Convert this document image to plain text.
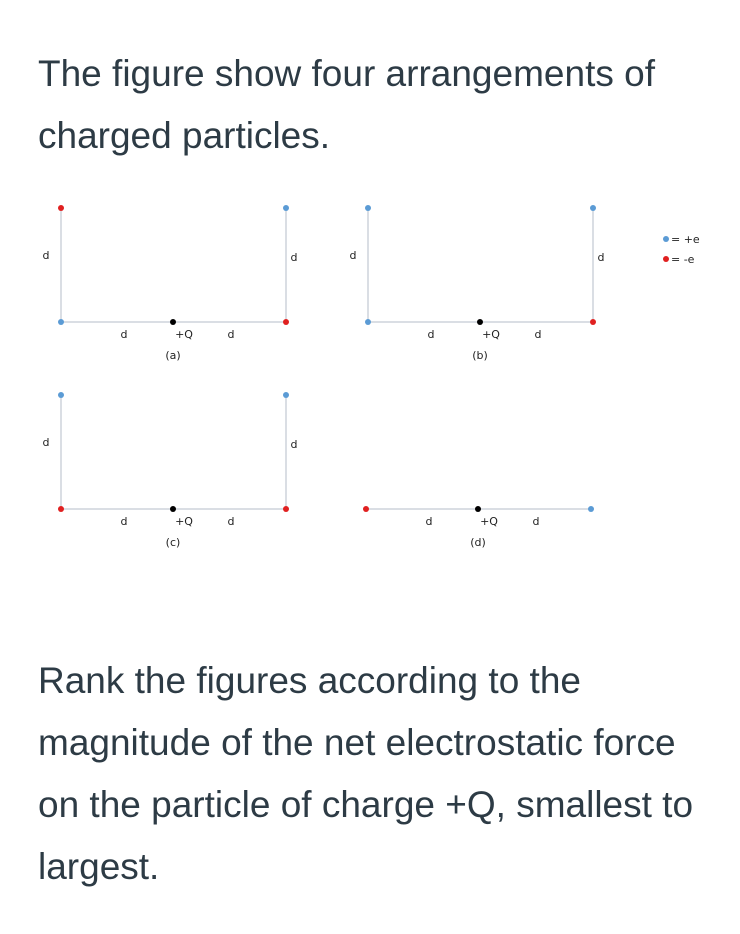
The figure show four arrangements of charged particles.

d	d
d	d
+Q
(a)
d	d
d	d
+Q
(b)
d	d
d	d
+Q
(c)
d	d
+Q
(d)
= +e
= -e

Rank the figures according to the magnitude of the net electrostatic force on the particle of charge +Q, smallest to largest.
